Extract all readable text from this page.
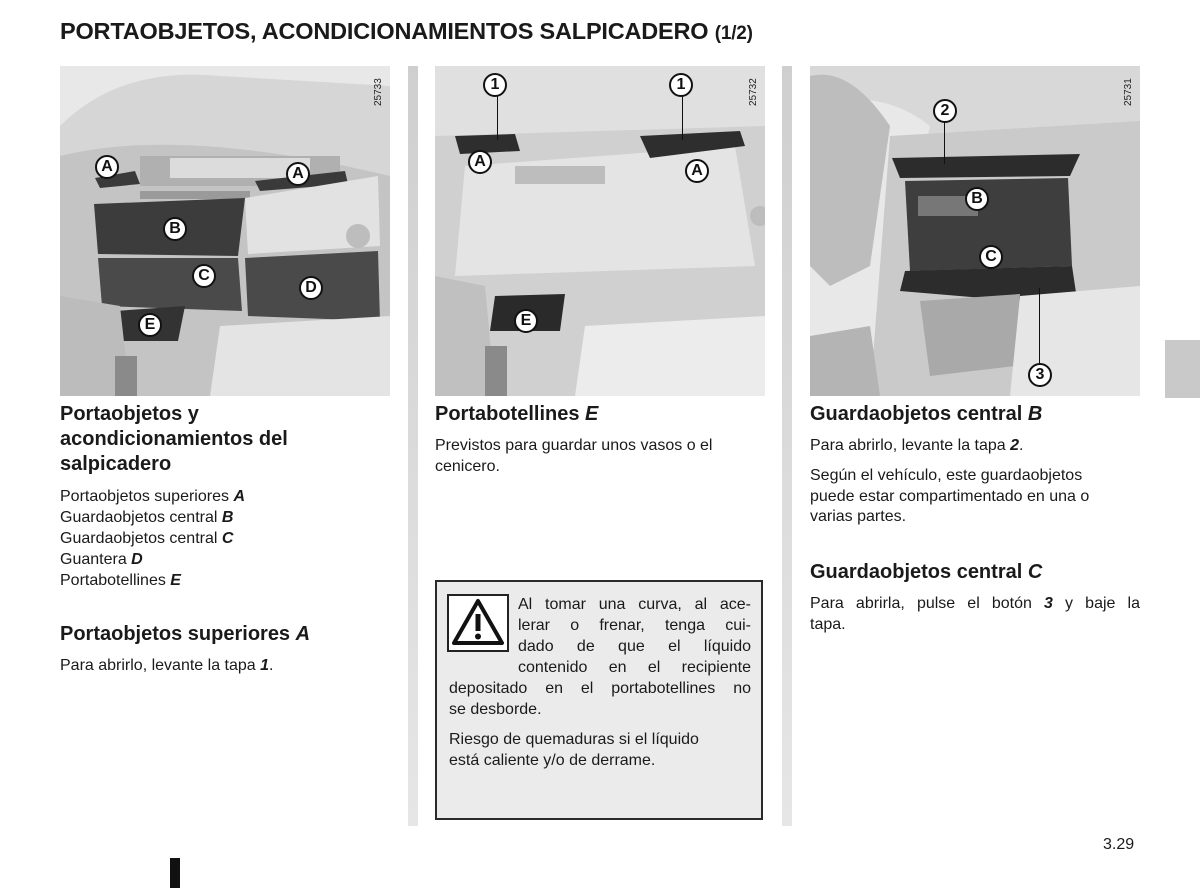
PORTAOBJETOS, ACONDICIONAMIENTOS SALPICADERO (1/2)
25733
A	A
B
C
D
E
25732
1	1
A
A
E
25731
2
B
C
3
Portaobjetos y
acondicionamientos del
salpicadero
Portaobjetos superiores A
Guardaobjetos central B
Guardaobjetos central C
Guantera D
Portabotellines E
Portaobjetos superiores A
Para abrirlo, levante la tapa 1.
Portabotellines E
Previstos para guardar unos vasos o el
cenicero.
Al tomar una curva, al ace-
lerar o frenar, tenga cui-
dado de que el líquido
contenido en el recipiente
depositado en el portabotellines no
se desborde.
Riesgo de quemaduras si el líquido
está caliente y/o de derrame.
Guardaobjetos central B
Para abrirlo, levante la tapa 2.
Según el vehículo, este guardaobjetos
puede estar compartimentado en una o
varias partes.
Guardaobjetos central C
Para abrirla, pulse el botón 3 y baje la
tapa.
3.29
